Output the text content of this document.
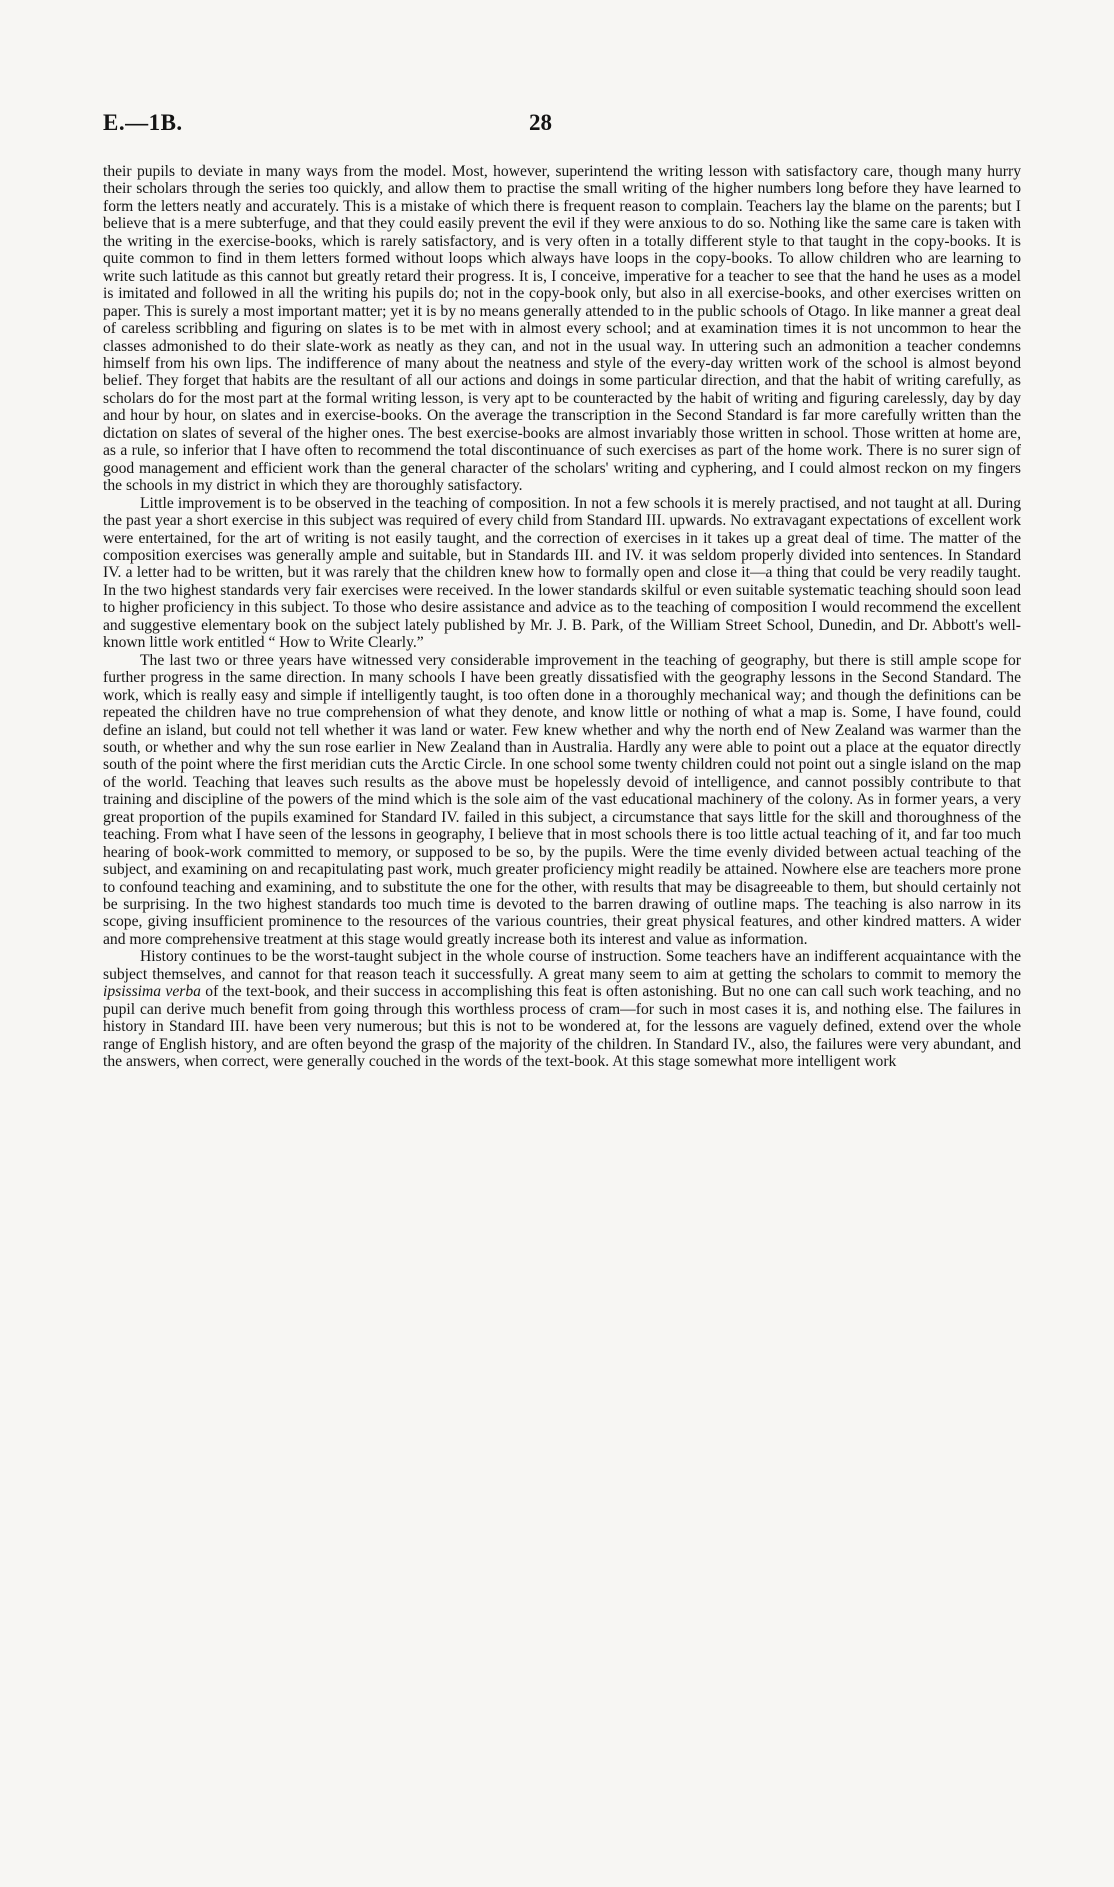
E.—1B.	28

their pupils to deviate in many ways from the model. Most, however, superintend the writing lesson with satisfactory care, though many hurry their scholars through the series too quickly, and allow them to practise the small writing of the higher numbers long before they have learned to form the letters neatly and accurately. This is a mistake of which there is frequent reason to complain. Teachers lay the blame on the parents; but I believe that is a mere subterfuge, and that they could easily prevent the evil if they were anxious to do so. Nothing like the same care is taken with the writing in the exercise-books, which is rarely satisfactory, and is very often in a totally different style to that taught in the copy-books. It is quite common to find in them letters formed without loops which always have loops in the copy-books. To allow children who are learning to write such latitude as this cannot but greatly retard their progress. It is, I conceive, imperative for a teacher to see that the hand he uses as a model is imitated and followed in all the writing his pupils do; not in the copy-book only, but also in all exercise-books, and other exercises written on paper. This is surely a most important matter; yet it is by no means generally attended to in the public schools of Otago. In like manner a great deal of careless scribbling and figuring on slates is to be met with in almost every school; and at examination times it is not uncommon to hear the classes admonished to do their slate-work as neatly as they can, and not in the usual way. In uttering such an admonition a teacher condemns himself from his own lips. The indifference of many about the neatness and style of the every-day written work of the school is almost beyond belief. They forget that habits are the resultant of all our actions and doings in some particular direction, and that the habit of writing carefully, as scholars do for the most part at the formal writing lesson, is very apt to be counteracted by the habit of writing and figuring carelessly, day by day and hour by hour, on slates and in exercise-books. On the average the transcription in the Second Standard is far more carefully written than the dictation on slates of several of the higher ones. The best exercise-books are almost invariably those written in school. Those written at home are, as a rule, so inferior that I have often to recommend the total discontinuance of such exercises as part of the home work. There is no surer sign of good management and efficient work than the general character of the scholars' writing and cyphering, and I could almost reckon on my fingers the schools in my district in which they are thoroughly satisfactory.

Little improvement is to be observed in the teaching of composition. In not a few schools it is merely practised, and not taught at all. During the past year a short exercise in this subject was required of every child from Standard III. upwards. No extravagant expectations of excellent work were entertained, for the art of writing is not easily taught, and the correction of exercises in it takes up a great deal of time. The matter of the composition exercises was generally ample and suitable, but in Standards III. and IV. it was seldom properly divided into sentences. In Standard IV. a letter had to be written, but it was rarely that the children knew how to formally open and close it—a thing that could be very readily taught. In the two highest standards very fair exercises were received. In the lower standards skilful or even suitable systematic teaching should soon lead to higher proficiency in this subject. To those who desire assistance and advice as to the teaching of composition I would recommend the excellent and suggestive elementary book on the subject lately published by Mr. J. B. Park, of the William Street School, Dunedin, and Dr. Abbott's well-known little work entitled “ How to Write Clearly.”

The last two or three years have witnessed very considerable improvement in the teaching of geography, but there is still ample scope for further progress in the same direction. In many schools I have been greatly dissatisfied with the geography lessons in the Second Standard. The work, which is really easy and simple if intelligently taught, is too often done in a thoroughly mechanical way; and though the definitions can be repeated the children have no true comprehension of what they denote, and know little or nothing of what a map is. Some, I have found, could define an island, but could not tell whether it was land or water. Few knew whether and why the north end of New Zealand was warmer than the south, or whether and why the sun rose earlier in New Zealand than in Australia. Hardly any were able to point out a place at the equator directly south of the point where the first meridian cuts the Arctic Circle. In one school some twenty children could not point out a single island on the map of the world. Teaching that leaves such results as the above must be hopelessly devoid of intelligence, and cannot possibly contribute to that training and discipline of the powers of the mind which is the sole aim of the vast educational machinery of the colony. As in former years, a very great proportion of the pupils examined for Standard IV. failed in this subject, a circumstance that says little for the skill and thoroughness of the teaching. From what I have seen of the lessons in geography, I believe that in most schools there is too little actual teaching of it, and far too much hearing of book-work committed to memory, or supposed to be so, by the pupils. Were the time evenly divided between actual teaching of the subject, and examining on and recapitulating past work, much greater proficiency might readily be attained. Nowhere else are teachers more prone to confound teaching and examining, and to substitute the one for the other, with results that may be disagreeable to them, but should certainly not be surprising. In the two highest standards too much time is devoted to the barren drawing of outline maps. The teaching is also narrow in its scope, giving insufficient prominence to the resources of the various countries, their great physical features, and other kindred matters. A wider and more comprehensive treatment at this stage would greatly increase both its interest and value as information.

History continues to be the worst-taught subject in the whole course of instruction. Some teachers have an indifferent acquaintance with the subject themselves, and cannot for that reason teach it successfully. A great many seem to aim at getting the scholars to commit to memory the ipsissima verba of the text-book, and their success in accomplishing this feat is often astonishing. But no one can call such work teaching, and no pupil can derive much benefit from going through this worthless process of cram—for such in most cases it is, and nothing else. The failures in history in Standard III. have been very numerous; but this is not to be wondered at, for the lessons are vaguely defined, extend over the whole range of English history, and are often beyond the grasp of the majority of the children. In Standard IV., also, the failures were very abundant, and the answers, when correct, were generally couched in the words of the text-book. At this stage somewhat more intelligent work
